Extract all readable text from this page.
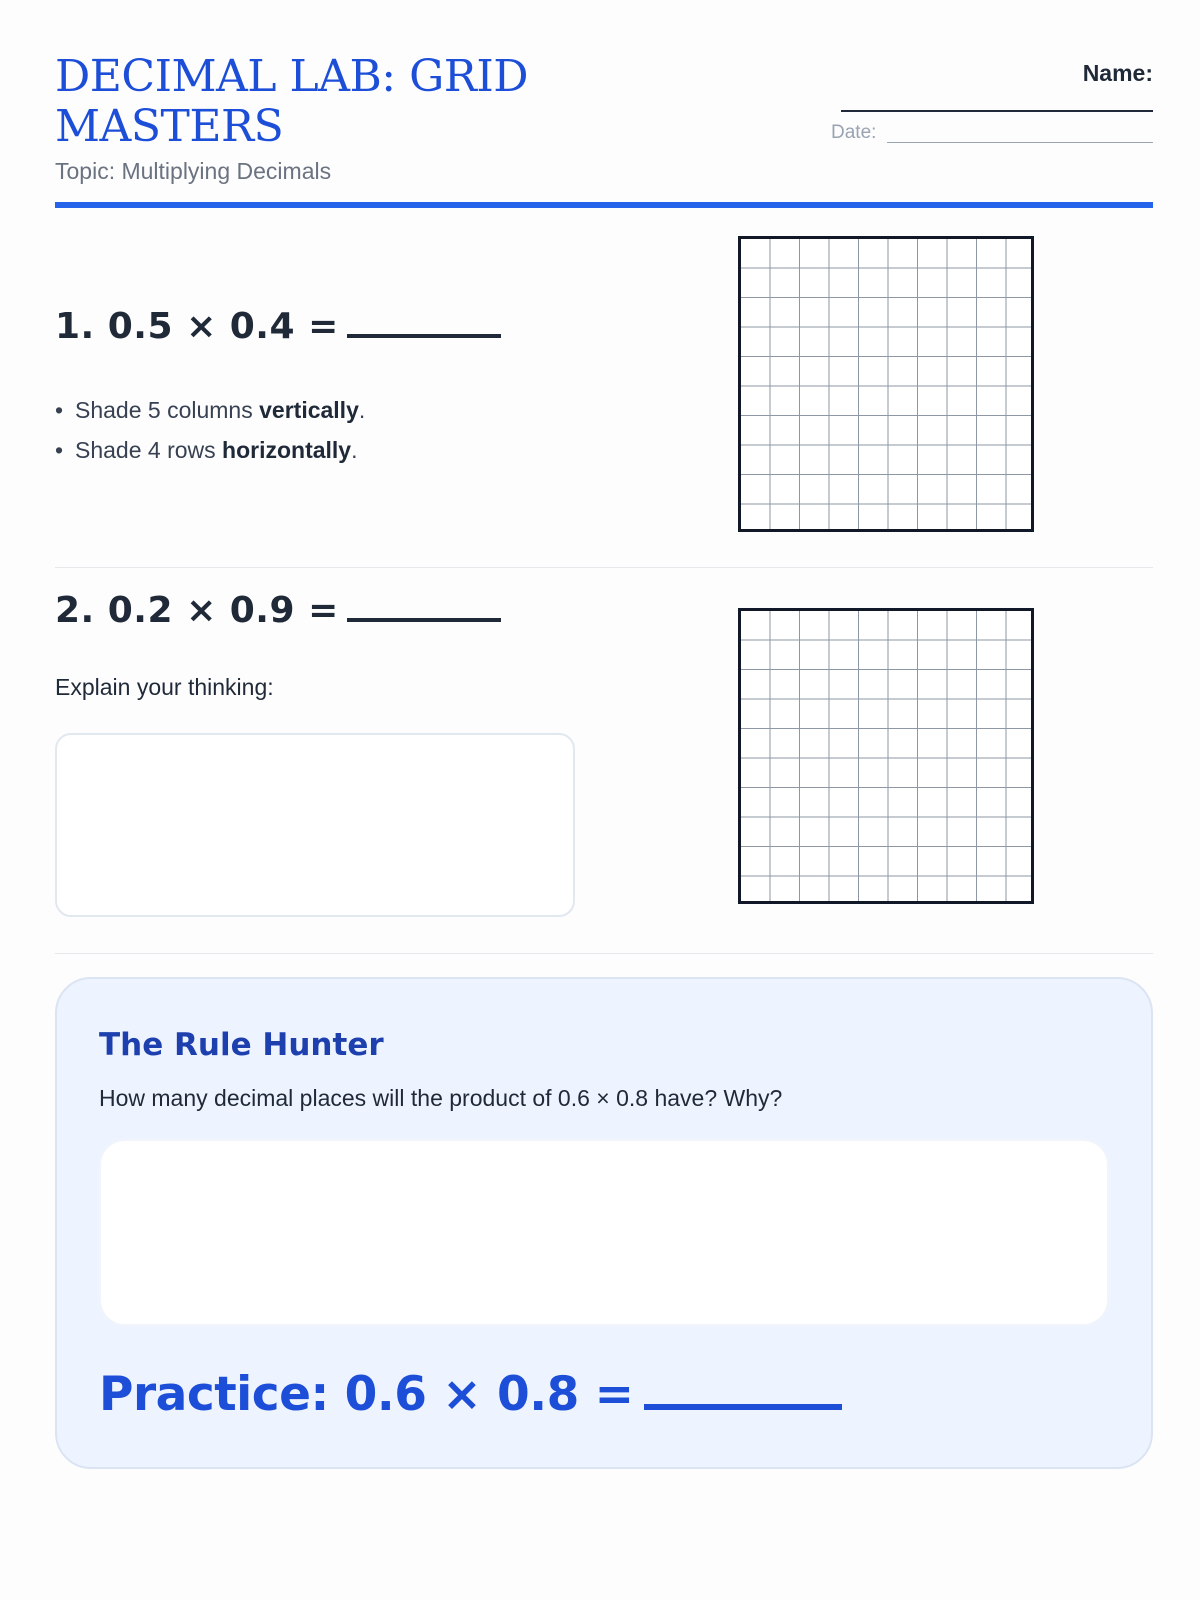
DECIMAL LAB: GRID MASTERS
Topic: Multiplying Decimals
Name:
Date:
1. 0.5 × 0.4 =
• Shade 5 columns vertically.
• Shade 4 rows horizontally.
2. 0.2 × 0.9 =
Explain your thinking:
The Rule Hunter
How many decimal places will the product of 0.6 × 0.8 have? Why?
Practice: 0.6 × 0.8 =
